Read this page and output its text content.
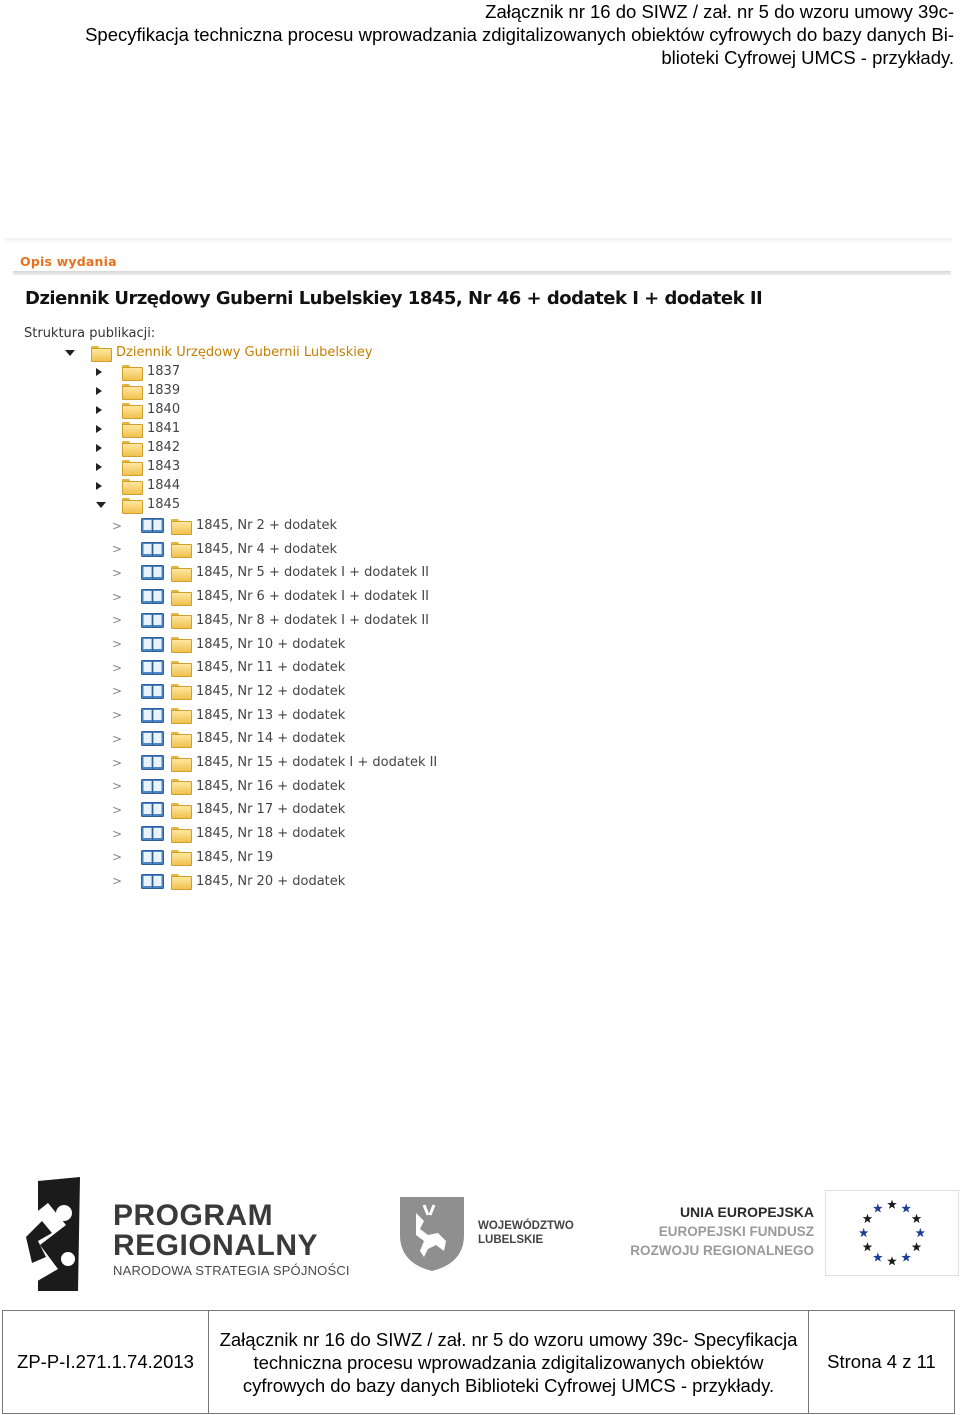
Załącznik nr 16 do SIWZ / zał. nr 5 do wzoru umowy 39c-
Specyfikacja techniczna procesu wprowadzania zdigitalizowanych obiektów cyfrowych do bazy danych Bi-
blioteki Cyfrowej UMCS - przykłady.
Opis wydania
Dziennik Urzędowy Guberni Lubelskiey 1845, Nr 46 + dodatek I + dodatek II
Struktura publikacji:
Dziennik Urzędowy Gubernii Lubelskiey
1837
1839
1840
1841
1842
1843
1844
1845
>	1845, Nr 2 + dodatek
>	1845, Nr 4 + dodatek
>	1845, Nr 5 + dodatek I + dodatek II
>	1845, Nr 6 + dodatek I + dodatek II
>	1845, Nr 8 + dodatek I + dodatek II
>	1845, Nr 10 + dodatek
>	1845, Nr 11 + dodatek
>	1845, Nr 12 + dodatek
>	1845, Nr 13 + dodatek
>	1845, Nr 14 + dodatek
>	1845, Nr 15 + dodatek I + dodatek II
>	1845, Nr 16 + dodatek
>	1845, Nr 17 + dodatek
>	1845, Nr 18 + dodatek
>	1845, Nr 19
>	1845, Nr 20 + dodatek
PROGRAM
REGIONALNY
NARODOWA STRATEGIA SPÓJNOŚCI
WOJEWÓDZTWO
LUBELSKIE
UNIA EUROPEJSKA
EUROPEJSKI FUNDUSZ
ROZWOJU REGIONALNEGO
ZP-P-I.271.1.74.2013
Załącznik nr 16 do SIWZ / zał. nr 5 do wzoru umowy 39c- Specyfikacja techniczna procesu wprowadzania zdigitalizowanych obiektów cyfrowych do bazy danych Biblioteki Cyfrowej UMCS - przykłady.
Strona 4 z 11
